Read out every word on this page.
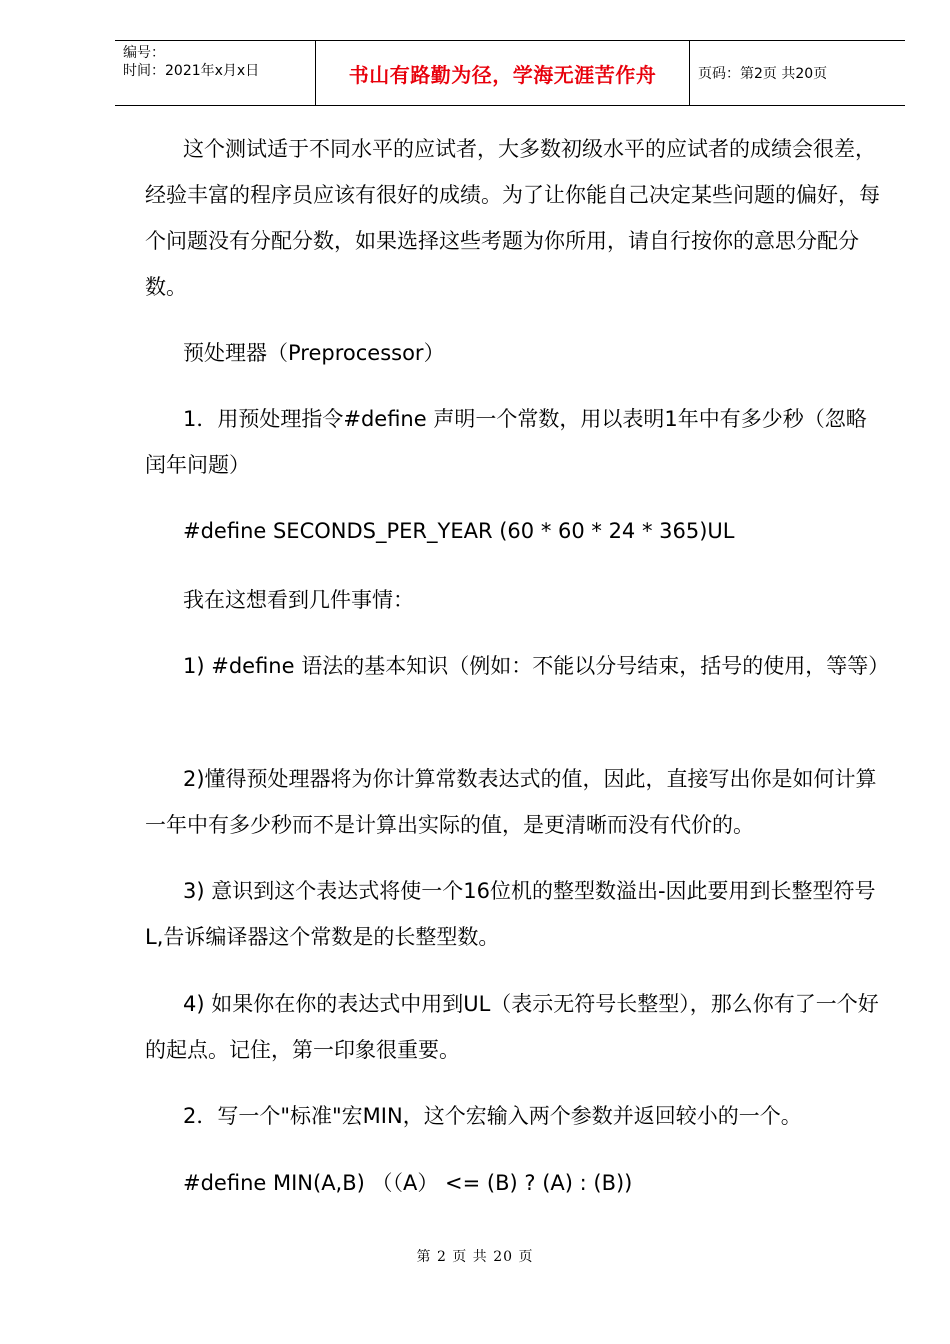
编号：
时间：2021年x月x日	书山有路勤为径，学海无涯苦作舟	页码：第2页 共20页
这个测试适于不同水平的应试者，大多数初级水平的应试者的成绩会很差，经验丰富的程序员应该有很好的成绩。为了让你能自己决定某些问题的偏好，每个问题没有分配分数，如果选择这些考题为你所用，请自行按你的意思分配分数。
预处理器（Preprocessor）
1．用预处理指令#define 声明一个常数，用以表明1年中有多少秒（忽略闰年问题）
#define SECONDS_PER_YEAR (60 * 60 * 24 * 365)UL
我在这想看到几件事情：
1) #define 语法的基本知识（例如：不能以分号结束，括号的使用，等等）
2)懂得预处理器将为你计算常数表达式的值，因此，直接写出你是如何计算一年中有多少秒而不是计算出实际的值，是更清晰而没有代价的。
3) 意识到这个表达式将使一个16位机的整型数溢出-因此要用到长整型符号L,告诉编译器这个常数是的长整型数。
4) 如果你在你的表达式中用到UL（表示无符号长整型），那么你有了一个好的起点。记住，第一印象很重要。
2．写一个"标准"宏MIN，这个宏输入两个参数并返回较小的一个。
#define MIN(A,B) （（A） <= (B) ? (A) : (B))
第 2 页 共 20 页
